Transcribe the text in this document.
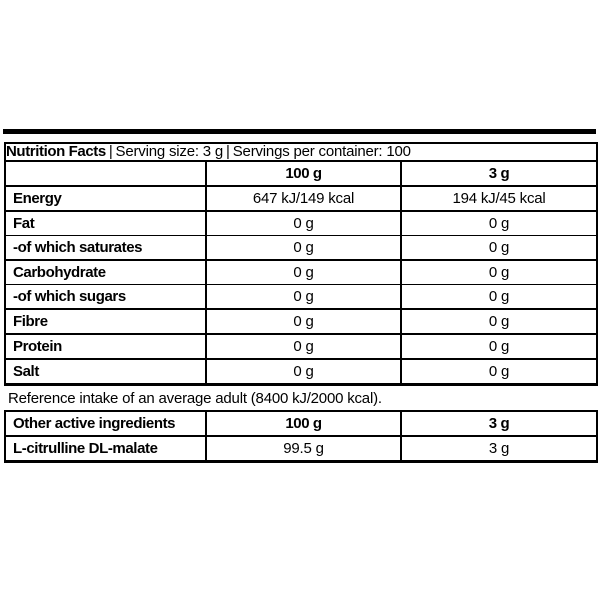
Nutrition Facts | Serving size: 3 g | Servings per container: 100		
	100 g	3 g
Energy	647 kJ/149 kcal	194 kJ/45 kcal
Fat	0 g	0 g
-of which saturates	0 g	0 g
Carbohydrate	0 g	0 g
-of which sugars	0 g	0 g
Fibre	0 g	0 g
Protein	0 g	0 g
Salt	0 g	0 g
Reference intake of an average adult (8400 kJ/2000 kcal).
Other active ingredients	100 g	3 g
L-citrulline DL-malate	99.5 g	3 g
